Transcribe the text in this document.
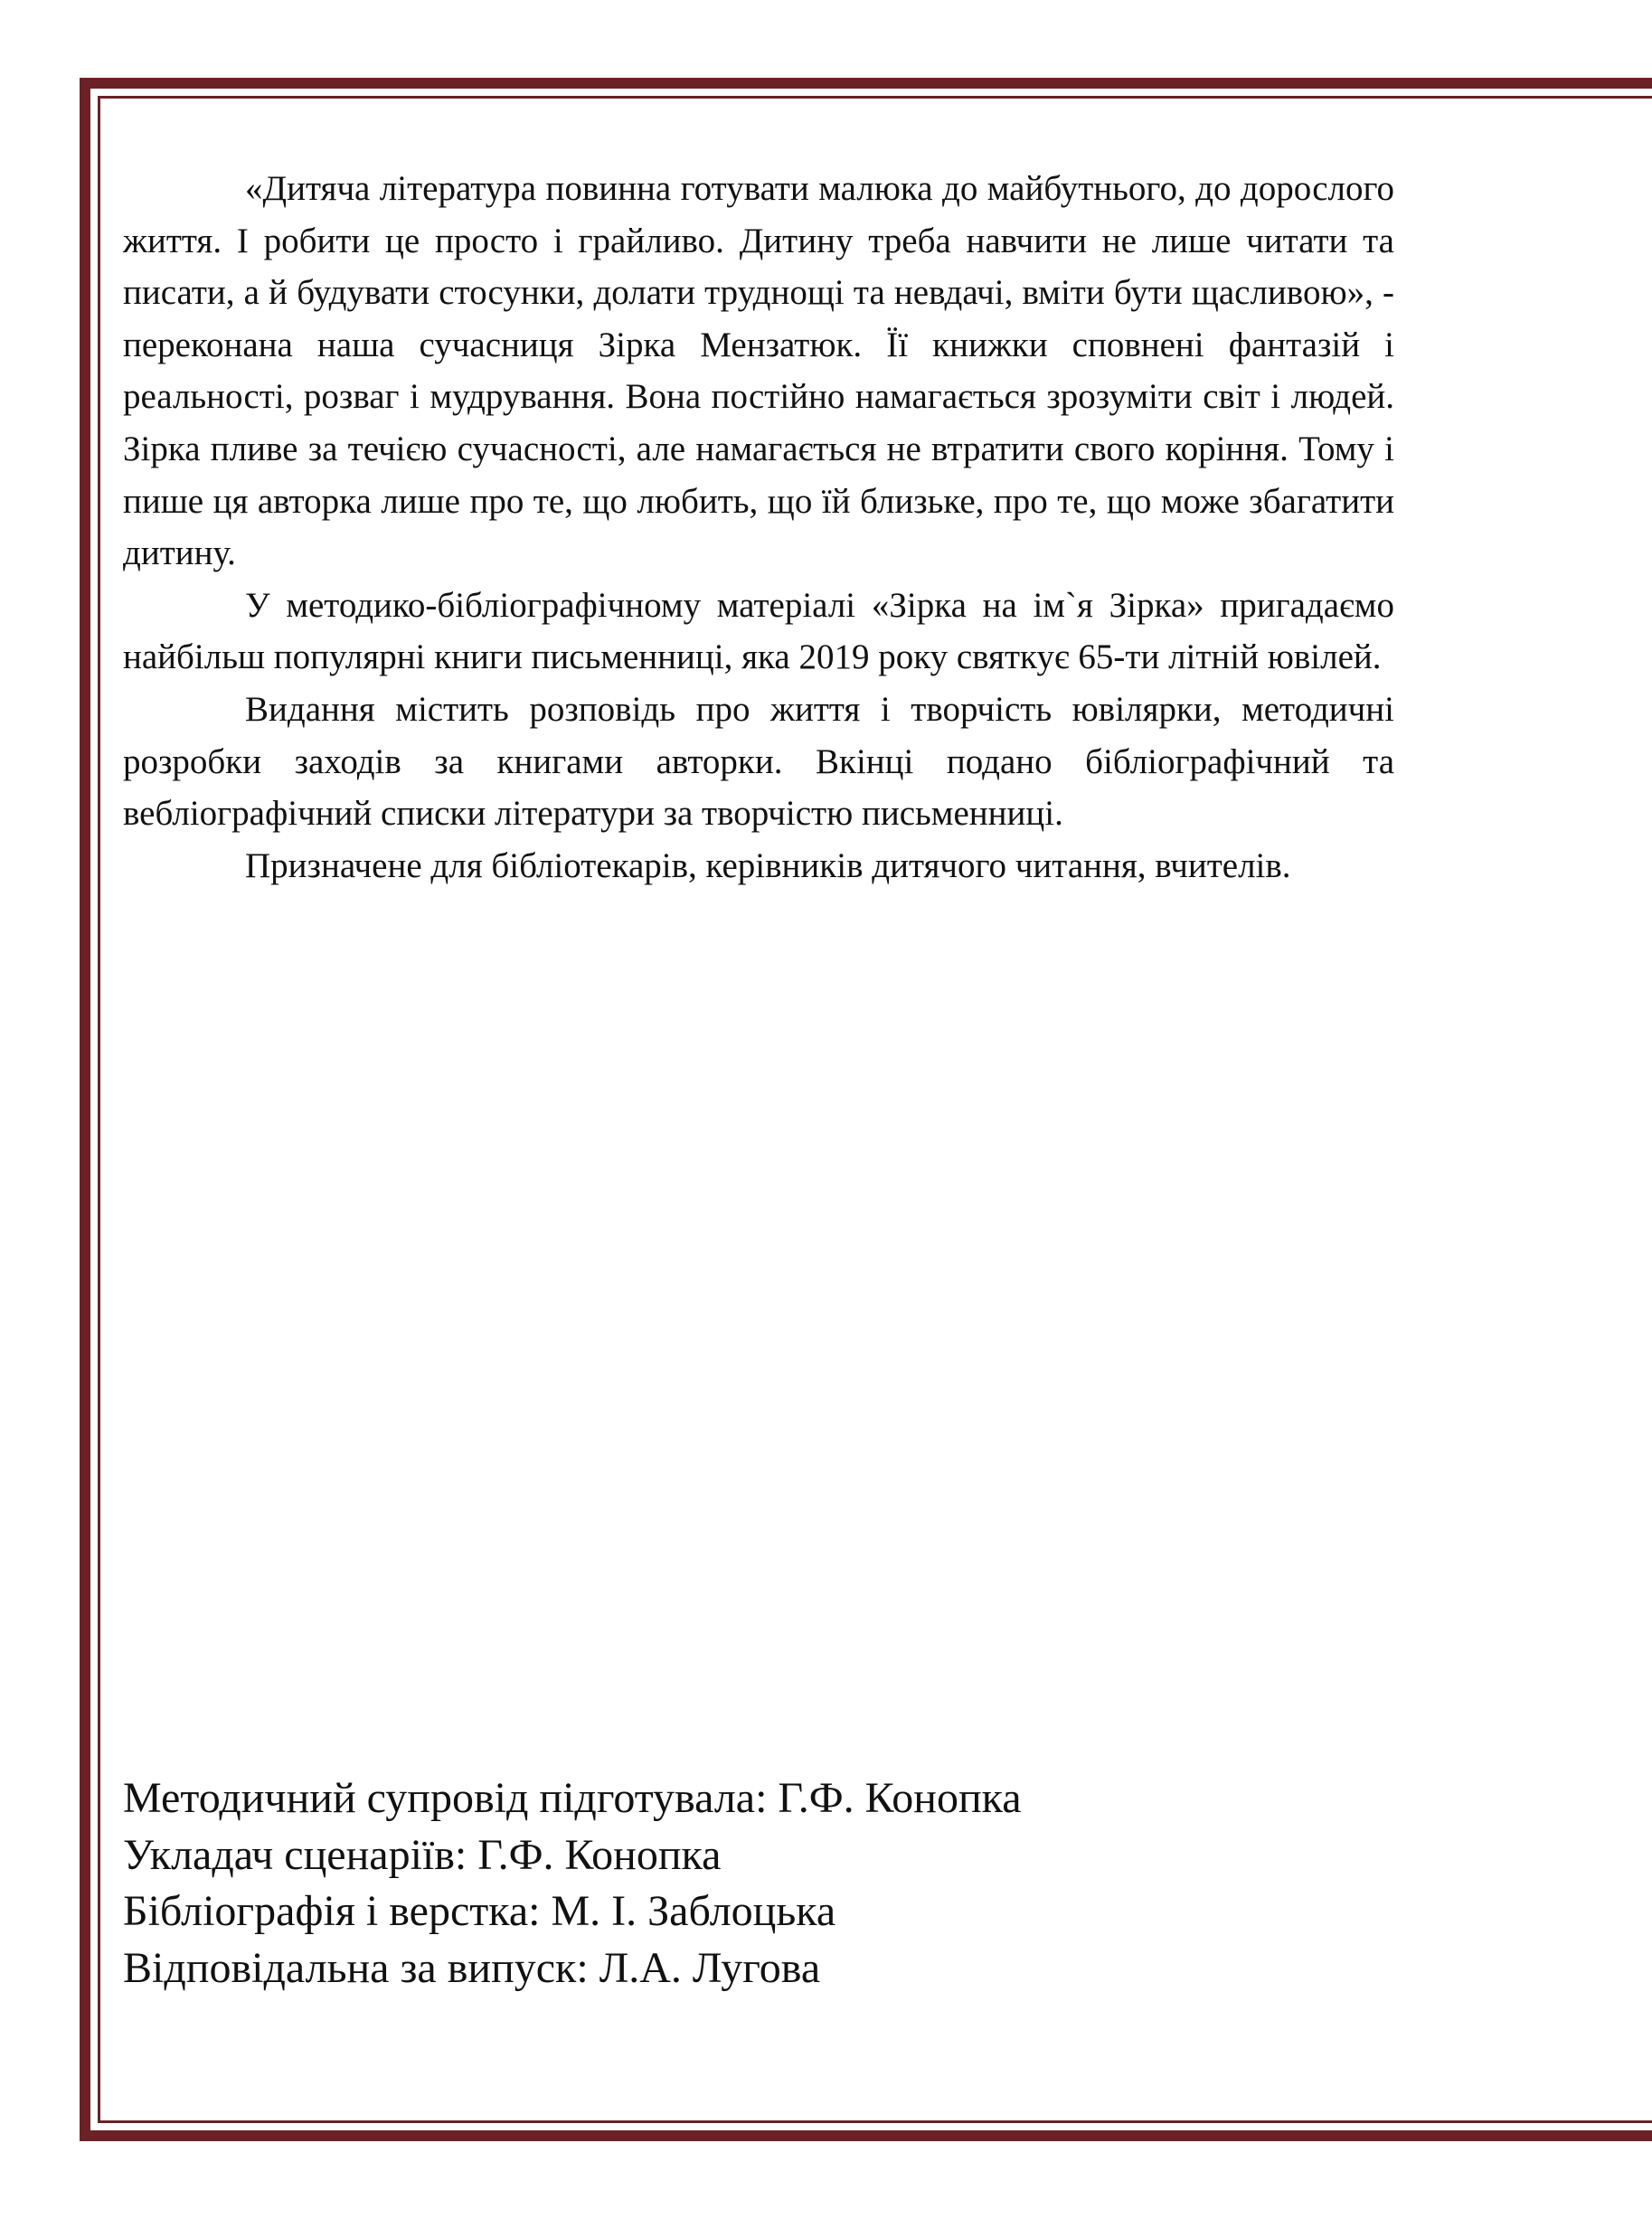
«Дитяча література повинна готувати малюка до майбутнього, до дорослого життя. І робити це просто і грайливо. Дитину треба навчити не лише читати та писати, а й будувати стосунки, долати труднощі та невдачі, вміти бути щасливою», - переконана наша сучасниця Зірка Мензатюк. Її книжки сповнені фантазій і реальності, розваг і мудрування. Вона постійно намагається зрозуміти світ і людей. Зірка пливе за течією сучасності, але намагається не втратити свого коріння. Тому і пише ця авторка лише про те, що любить, що їй близьке, про те, що може збагатити дитину.

У методико-бібліографічному матеріалі «Зірка на ім`я Зірка» пригадаємо найбільш популярні книги письменниці, яка 2019 року святкує 65-ти літній ювілей.

Видання містить розповідь про життя і творчість ювілярки, методичні розробки заходів за книгами авторки. Вкінці подано бібліографічний та вебліографічний списки літератури за творчістю письменниці.

Призначене для бібліотекарів, керівників дитячого читання, вчителів.

Методичний супровід підготувала: Г.Ф. Конопка

Укладач сценаріїв: Г.Ф. Конопка

Бібліографія і верстка: М. І. Заблоцька

Відповідальна за випуск: Л.А. Лугова
